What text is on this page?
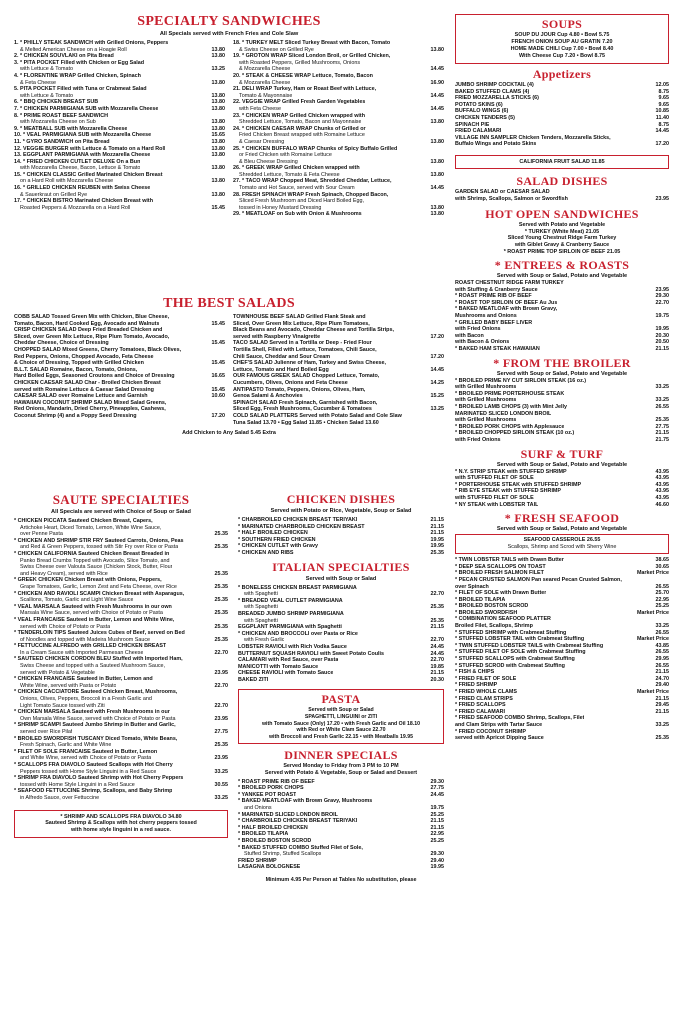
SPECIALTY SANDWICHES
All Specials served with French Fries and Cole Slaw
1. * PHILLY STEAK SANDWICH with Grilled Onions, Peppers
& Melted American Cheese on a Hoagie Roll	13.80
2. * CHICKEN SOUVLAKI on Pita Bread	13.80
3. * PITA POCKET Filled with Chicken or Egg Salad
with Lettuce & Tomato	13.25
4. * FLORENTINE WRAP Grilled Chicken, Spinach
& Feta Cheese	13.80
5. PITA POCKET Filled with Tuna or Crabmeat Salad
with Lettuce & Tomato	13.80
6. * BBQ CHICKEN BREAST SUB	13.80
7. * CHICKEN PARMIGIANA SUB with Mozzarella Cheese	13.80
8. * PRIME ROAST BEEF SANDWICH
with Mozzarella Cheese on Sub	13.80
9. * MEATBALL SUB with Mozzarella Cheese	13.80
10. * VEAL PARMIGIANA SUB with Mozzarella Cheese	15.65
11. * GYRO SANDWICH on Pita Bread	13.80
12. VEGGIE BURGER with Lettuce & Tomato on a Hard Roll	13.80
13. EGGPLANT PARMIGIANA with Mozzarella Cheese	13.80
14. * FRIED CHICKEN CUTLET DELUXE On a Bun
with Mozzarella Cheese, Bacon, Lettuce & Tomato	13.80
15. * CHICKEN CLASSIC Grilled Marinated Chicken Breast
on a Hard Roll with Mozzarella Cheese	13.80
16. * GRILLED CHICKEN REUBEN with Swiss Cheese
& Sauerkraut on Grilled Rye	13.80
17. * CHICKEN BISTRO Marinated Chicken Breast with
Roasted Peppers & Mozzarella on a Hard Roll	15.45
18. * TURKEY MELT Sliced Turkey Breast with Bacon, Tomato
& Swiss Cheese on Grilled Rye	13.80
19. * GROTON WRAP Sliced London Broil, or Grilled Chicken,
with Roasted Peppers, Grilled Mushrooms, Onions
& Mozzarella Cheese	14.45
20. * STEAK & CHEESE WRAP Lettuce, Tomato, Bacon
& Mozzarella Cheese	16.90
21. DELI WRAP Turkey, Ham or Roast Beef with Lettuce,
Tomato & Mayonnaise	14.45
22. VEGGIE WRAP Grilled Fresh Garden Vegetables
with Feta Cheese	14.45
23. * CHICKEN WRAP Grilled Chicken wrapped with
Shredded Lettuce, Tomato, Bacon and Mayonnaise	13.80
24. * CHICKEN CAESAR WRAP Chunks of Grilled or
Fried Chicken Breast wrapped with Romaine Lettuce
& Caesar Dressing	13.80
25. * CHICKEN BUFFALO WRAP Chunks of Spicy Buffalo Grilled
or Fried Chicken with Romaine Lettuce
& Bleu Cheese Dressing	13.80
26. * GREEK WRAP Grilled Chicken wrapped with
Shredded Lettuce, Tomato & Feta Cheese	13.80
27. * TACO WRAP Chopped Meat, Shredded Cheddar, Lettuce,
Tomato and Hot Sauce, served with Sour Cream	14.45
28. FRESH SPINACH WRAP Fresh Spinach, Chopped Bacon,
Sliced Fresh Mushroom and Diced Hard Boiled Egg,
tossed in Honey Mustard Dressing	13.80
29. * MEATLOAF on Sub with Onion & Mushrooms	13.80
THE BEST SALADS
COBB SALAD Tossed Green Mix with Chicken, Blue Cheese,
Tomato, Bacon, Hard Cooked Egg, Avocado and Walnuts	15.45
CRISP CHICKEN SALAD Deep Fried Breaded Chicken and
Sliced, over Green Mix Lettuce, Ripe Plum Tomato, Avocado,
Cheddar Cheese, Choice of Dressing	15.45
CHOPPED SALAD Mixed Greens, Cherry Tomatoes, Black Olives,
Red Peppers, Onions, Chopped Avocado, Feta Cheese
& Choice of Dressing, Topped with Grilled Chicken	15.45
B.L.T. SALAD Romaine, Bacon, Tomato, Onions,
Hard Boiled Eggs, Seasoned Croutons and Choice of Dressing	16.65
CHICKEN CAESAR SALAD Char - Broiled Chicken Breast
served with Romaine Lettuce & Caesar Salad Dressing	15.45
CAESAR SALAD over Romaine Lettuce and Garnish	10.60
HAWAIIAN COCONUT SHRIMP SALAD Mixed Salad Greens,
Red Onions, Mandarin, Dried Cherry, Pineapples, Cashews,
Coconut Shrimp (4) and a Poppy Seed Dressing	17.20
TOWNHOUSE BEEF SALAD Grilled Flank Steak and
Sliced, Over Green Mix Lettuce, Ripe Plum Tomatoes,
Black Beans and Avocado, Cheddar Cheese and Tortilla Strips,
served with Raspberry Vinaigrette	17.20
TACO SALAD Served in a Tortilla or Deep - Fried Flour
Tortilla Shell, Filled with Lettuce, Tomatoes, Chili Sauce,
Chili Sauce, Cheddar and Sour Cream	17.20
CHEF'S SALAD Julienne of Ham, Turkey and Swiss Cheese,
Lettuce, Tomato and Hard Boiled Egg	14.45
OUR FAMOUS GREEK SALAD Chopped Lettuce, Tomato,
Cucumbers, Olives, Onions and Feta Cheese	14.25
ANTIPASTO Tomato, Peppers, Onions, Olives, Ham,
Genoa Salami & Anchovies	15.25
SPINACH SALAD Fresh Spinach, Garnished with Bacon,
Sliced Egg, Fresh Mushrooms, Cucumber & Tomatoes	13.25
COLD SALAD PLATTERS Served with Potato Salad and Cole Slaw
Tuna Salad 13.70 • Egg Salad 11.85 • Chicken Salad 13.60
Add Chicken to Any Salad 5.45 Extra
SAUTE SPECIALTIES
All Specials are served with Choice of Soup or Salad
* CHICKEN PICCATA Sauteed Chicken Breast, Capers,
Artichoke Heart, Diced Tomato, Lemon, White Wine Sauce,
over Penne Pasta	25.35
* CHICKEN AND SHRIMP STIR FRY Sauteed Carrots, Onions, Peas
and Red & Green Peppers, tossed with Stir Fry over Rice or Pasta	25.35
* CHICKEN CALIFORNIA Sauteed Chicken Breast Breaded in
Panko Bread Crumbs Topped with Avocado, Slice Tomato, and
Swiss Cheese over Valouta Sauce (Chicken Stock, Butter, Flour
and Heavy Cream), served with Rice	25.35
* GREEK CHICKEN Chicken Breast with Onions, Peppers,
Grape Tomatoes, Garlic, Lemon Zest and Feta Cheese, over Rice	25.35
* CHICKEN AND RAVIOLI SCAMPI Chicken Breast with Asparagus,
Scallions, Tomato, Garlic and Light Wine Sauce	25.35
* VEAL MARSALA Sauteed with Fresh Mushrooms in our own
Marsala Wine Sauce, served with Choice of Potato or Pasta	25.35
* VEAL FRANCAISE Sauteed in Butter, Lemon and White Wine,
served with Choice of Potato or Pasta	25.35
* TENDERLOIN TIPS Sauteed Juices Cubes of Beef, served on Bed
of Noodles and topped with Madeira Mushroom Sauce	25.35
* FETTUCCINE ALFREDO with GRILLED CHICKEN BREAST
In a Cream Sauce with Imported Parmesan Cheese	22.70
* SAUTEED CHICKEN CORDON BLEU Stuffed with Imported Ham,
Swiss Cheese and topped with a Sauteed Mushroom Sauce,
served with Potato & Vegetable	23.95
* CHICKEN FRANCAISE Sauteed in Butter, Lemon and
White Wine, served with Pasta or Potato	22.70
* CHICKEN CACCIATORE Sauteed Chicken Breast, Mushrooms,
Onions, Olives, Peppers, Broccoli in a Fresh Garlic and
Light Tomato Sauce tossed with Ziti	22.70
* CHICKEN MARSALA Sauteed with Fresh Mushrooms in our
Own Marsala Wine Sauce, served with Choice of Potato or Pasta	23.95
* SHRIMP SCAMPI Sauteed Jumbo Shrimp in Butter and Garlic,
served over Rice Pilaf	27.75
* BROILED SWORDFISH TUSCANY Diced Tomato, White Beans,
Fresh Spinach, Garlic and White Wine	25.35
* FILET OF SOLE FRANCAISE Sauteed in Butter, Lemon
and White Wine, served with Choice of Potato or Pasta	23.95
* SCALLOPS FRA DIAVOLO Sauteed Scallops with Hot Cherry
Peppers tossed with Home Style Linguini in a Red Sauce	33.25
* SHRIMP FRA DIAVOLO Sauteed Shrimp with Hot Cherry Peppers
tossed with Home Style Linguini in a Red Sauce	30.55
* SEAFOOD FETTUCCINE Shrimp, Scallops, and Baby Shrimp
in Alfredo Sauce, over Fettuccine	33.25
* SHRIMP AND SCALLOPS FRA DIAVOLO 34.80
Sauteed Shrimp & Scallops with hot cherry peppers tossed
with home style linguini in a red sauce.
CHICKEN DISHES
Served with Potato or Rice, Vegetable, Soup or Salad
* CHARBROILED CHICKEN BREAST TERIYAKI	21.15
* MARINATED CHARBROILED CHICKEN BREAST	21.15
* HALF BROILED CHICKEN	21.15
* SOUTHERN FRIED CHICKEN	19.95
* CHICKEN CUTLET with Gravy	19.95
* CHICKEN AND RIBS	25.35
ITALIAN SPECIALTIES
Served with Soup or Salad
* BONELESS CHICKEN BREAST PARMIGIANA
with Spaghetti	22.70
* BREADED VEAL CUTLET PARMIGIANA
with Spaghetti	25.35
BREADED JUMBO SHRIMP PARMIGIANA
with Spaghetti	25.35
EGGPLANT PARMIGIANA with Spaghetti	21.15
* CHICKEN AND BROCCOLI over Pasta or Rice
with Fresh Garlic	22.70
LOBSTER RAVIOLI with Rich Vodka Sauce	24.45
BUTTERNUT SQUASH RAVIOLI with Sweet Potato Coulis	24.45
CALAMARI with Red Sauce, over Pasta	22.70
MANICOTTI with Tomato Sauce	19.85
CHEESE RAVIOLI with Tomato Sauce	21.15
BAKED ZITI	20.30
PASTA
Served with Soup or Salad
SPAGHETTI, LINGUINI or ZITI
with Tomato Sauce (Only) 17.20 • with Fresh Garlic and Oil 18.10
with Red or White Clam Sauce 22.70
with Broccoli and Fresh Garlic 22.15 • with Meatballs 19.95
DINNER SPECIALS
Served Monday to Friday from 3 PM to 10 PM
Served with Potato & Vegetable, Soup or Salad and Dessert
* ROAST PRIME RIB OF BEEF	29.30
* BROILED PORK CHOPS	27.75
* YANKEE POT ROAST	24.45
* BAKED MEATLOAF with Brown Gravy, Mushrooms
and Onions	19.75
* MARINATED SLICED LONDON BROIL	25.25
* CHARBROILED CHICKEN BREAST TERIYAKI	21.15
* HALF BROILED CHICKEN	21.15
* BROILED TILAPIA	22.95
* BROILED BOSTON SCROD	25.25
* BAKED STUFFED COMBO Stuffed Filet of Sole,
Stuffed Shrimp, Stuffed Scallops	29.30
FRIED SHRIMP	29.40
LASAGNA BOLOGNESE	19.95
Minimum 4.95 Per Person at Tables No substitution, please
SOUPS
SOUP DU JOUR Cup 4.80 • Bowl 5.75
FRENCH ONION SOUP AU GRATIN 7.20
HOME MADE CHILI Cup 7.00 • Bowl 8.40
With Cheese Cup 7.20 • Bowl 8.75
Appetizers
JUMBO SHRIMP COCKTAIL (4)	12.05
BAKED STUFFED CLAMS (4)	8.75
FRIED MOZZARELLA STICKS (6)	9.65
POTATO SKINS (6)	9.65
BUFFALO WINGS (6)	10.85
CHICKEN TENDERS (5)	11.40
SPINACH PIE	8.75
FRIED CALAMARI	14.45
VILLAGE INN SAMPLER Chicken Tenders, Mozzarella Sticks,
Buffalo Wings and Potato Skins	17.20
CALIFORNIA FRUIT SALAD 11.85
SALAD DISHES
GARDEN SALAD or CAESAR SALAD
with Shrimp, Scallops, Salmon or Swordfish	23.95
HOT OPEN SANDWICHES
Served with Potato and Vegetable
* TURKEY (White Meat) 21.05
Sliced Young Chestnut Ridge Farm Turkey
with Giblet Gravy & Cranberry Sauce
* ROAST PRIME TOP SIRLOIN OF BEEF 21.05
* ENTREES & ROASTS
Served with Soup or Salad, Potato and Vegetable
ROAST CHESTNUT RIDGE FARM TURKEY
with Stuffing & Cranberry Sauce	23.95
* ROAST PRIME RIB OF BEEF	29.30
* ROAST TOP SIRLOIN OF BEEF Au Jus	22.70
* BAKED MEATLOAF with Brown Gravy,
Mushrooms and Onions	19.75
* GRILLED BABY BEEF LIVER
with Fried Onions	19.95
with Bacon	20.30
with Bacon & Onions	20.50
* BAKED HAM STEAK HAWAIIAN	21.15
* FROM THE BROILER
Served with Soup or Salad, Potato and Vegetable
* BROILED PRIME NY CUT SIRLOIN STEAK (16 oz.)
with Grilled Mushrooms	33.25
* BROILED PRIME PORTERHOUSE STEAK
with Grilled Mushrooms	33.25
* BROILED LAMB CHOPS (3) with Mint Jelly	26.55
MARINATED SLICED LONDON BROIL
with Grilled Mushrooms	25.35
* BROILED PORK CHOPS with Applesauce	27.75
* BROILED CHOPPED SIRLOIN STEAK (10 oz.)	21.15
with Fried Onions	21.75
SURF & TURF
Served with Soup or Salad, Potato and Vegetable
* N.Y. STRIP STEAK with STUFFED SHRIMP	43.95
with STUFFED FILET OF SOLE	43.95
* PORTERHOUSE STEAK with STUFFED SHRIMP	43.95
* RIB EYE STEAK with STUFFED SHRIMP	43.95
with STUFFED FILET OF SOLE	43.95
* NY STEAK with LOBSTER TAIL	46.60
* FRESH SEAFOOD
Served with Soup or Salad, Potato and Vegetable
SEAFOOD CASSEROLE 26.55
Scallops, Shrimp and Scrod with Sherry Wine
* TWIN LOBSTER TAILS with Drawn Butter	38.65
* DEEP SEA SCALLOPS ON TOAST	30.65
* BROILED FRESH SALMON FILET	Market Price
* PECAN CRUSTED SALMON Pan seared Pecan Crusted Salmon,
over Spinach	26.55
* FILET OF SOLE with Drawn Butter	25.70
* BROILED TILAPIA	22.95
* BROILED BOSTON SCROD	25.25
* BROILED SWORDFISH	Market Price
* COMBINATION SEAFOOD PLATTER
Broiled Filet, Scallops, Shrimp	33.25
* STUFFED SHRIMP with Crabmeat Stuffing	26.55
* STUFFED LOBSTER TAIL with Crabmeat Stuffing	Market Price
* TWIN STUFFED LOBSTER TAILS with Crabmeat Stuffing	43.85
* STUFFED FILET OF SOLE with Crabmeat Stuffing	26.55
* STUFFED SCALLOPS with Crabmeat Stuffing	29.95
* STUFFED SCROD with Crabmeat Stuffing	26.55
* FISH & CHIPS	21.15
* FRIED FILET OF SOLE	24.70
* FRIED SHRIMP	29.40
* FRIED WHOLE CLAMS	Market Price
* FRIED CLAM STRIPS	21.15
* FRIED SCALLOPS	29.45
* FRIED CALAMARI	21.15
* FRIED SEAFOOD COMBO Shrimp, Scallops, Filet
and Clam Strips with Tartar Sauce	33.25
* FRIED COCONUT SHRIMP
served with Apricot Dipping Sauce	25.35
